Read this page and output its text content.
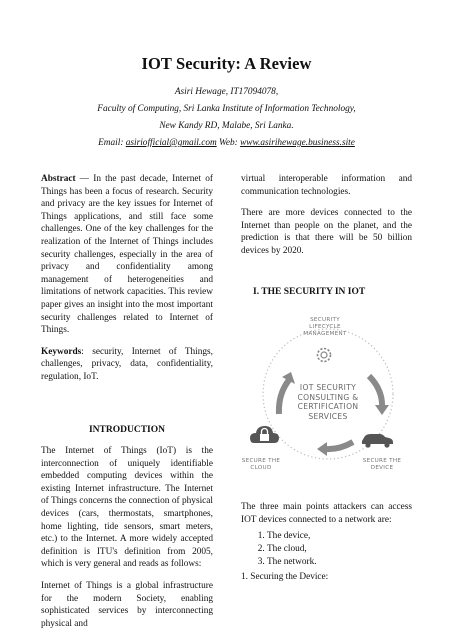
IOT Security: A Review
Asiri Hewage, IT17094078,
Faculty of Computing, Sri Lanka Institute of Information Technology,
New Kandy RD, Malabe, Sri Lanka.
Email: asiriofficial@gmail.com Web: www.asirihewage.business.site

Abstract — In the past decade, Internet of Things has been a focus of research. Security and privacy are the key issues for Internet of Things applications, and still face some challenges. One of the key challenges for the realization of the Internet of Things includes security challenges, especially in the area of privacy and confidentiality among management of heterogeneities and limitations of network capacities. This review paper gives an insight into the most important security challenges related to Internet of Things.

Keywords: security, Internet of Things, challenges, privacy, data, confidentiality, regulation, IoT.

INTRODUCTION

The Internet of Things (IoT) is the interconnection of uniquely identifiable embedded computing devices within the existing Internet infrastructure. The Internet of Things concerns the connection of physical devices (cars, thermostats, smartphones, home lighting, tide sensors, smart meters, etc.) to the Internet. A more widely accepted definition is ITU's definition from 2005, which is very general and reads as follows:

Internet of Things is a global infrastructure for the modern Society, enabling sophisticated services by interconnecting physical and

virtual interoperable information and communication technologies.

There are more devices connected to the Internet than people on the planet, and the prediction is that there will be 50 billion devices by 2020.

I. THE SECURITY IN IOT
SECURITY LIFECYCLE MANAGEMENT
IOT SECURITY CONSULTING & CERTIFICATION SERVICES
SECURE THE CLOUD
SECURE THE DEVICE

The three main points attackers can access IOT devices connected to a network are:

1. The device,
2. The cloud,
3. The network.

1. Securing the Device:
